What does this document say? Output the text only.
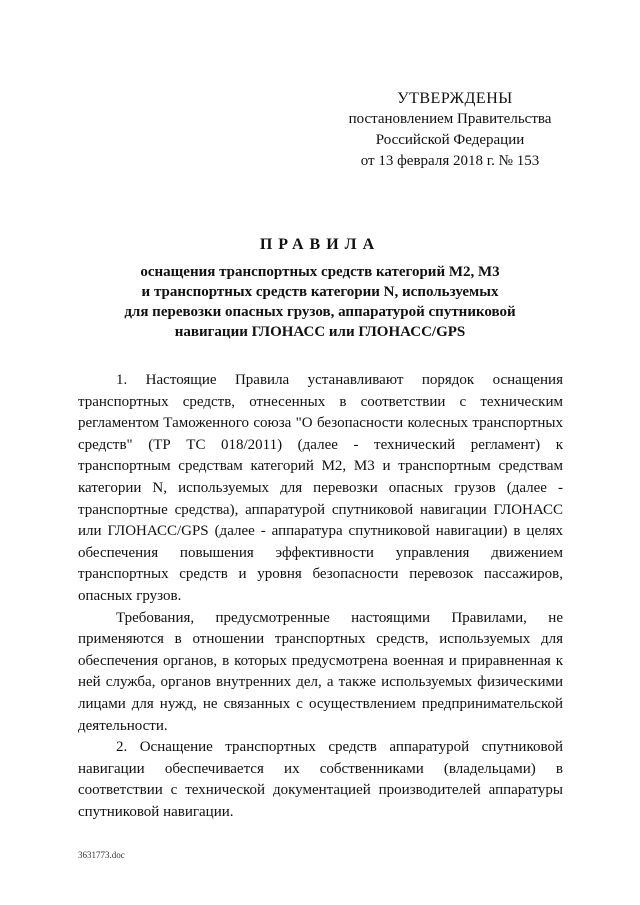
УТВЕРЖДЕНЫ
постановлением Правительства
Российской Федерации
от 13 февраля 2018 г. № 153
ПРАВИЛА
оснащения транспортных средств категорий М2, М3
и транспортных средств категории N, используемых
для перевозки опасных грузов, аппаратурой спутниковой
навигации ГЛОНАСС или ГЛОНАСС/GPS

1. Настоящие Правила устанавливают порядок оснащения транспортных средств, отнесенных в соответствии с техническим регламентом Таможенного союза "О безопасности колесных транспортных средств" (ТР ТС 018/2011) (далее - технический регламент) к транспортным средствам категорий М2, М3 и транспортным средствам категории N, используемых для перевозки опасных грузов (далее - транспортные средства), аппаратурой спутниковой навигации ГЛОНАСС или ГЛОНАСС/GPS (далее - аппаратура спутниковой навигации) в целях обеспечения повышения эффективности управления движением транспортных средств и уровня безопасности перевозок пассажиров, опасных грузов.

Требования, предусмотренные настоящими Правилами, не применяются в отношении транспортных средств, используемых для обеспечения органов, в которых предусмотрена военная и приравненная к ней служба, органов внутренних дел, а также используемых физическими лицами для нужд, не связанных с осуществлением предпринимательской деятельности.

2. Оснащение транспортных средств аппаратурой спутниковой навигации обеспечивается их собственниками (владельцами) в соответствии с технической документацией производителей аппаратуры спутниковой навигации.

3631773.doc
